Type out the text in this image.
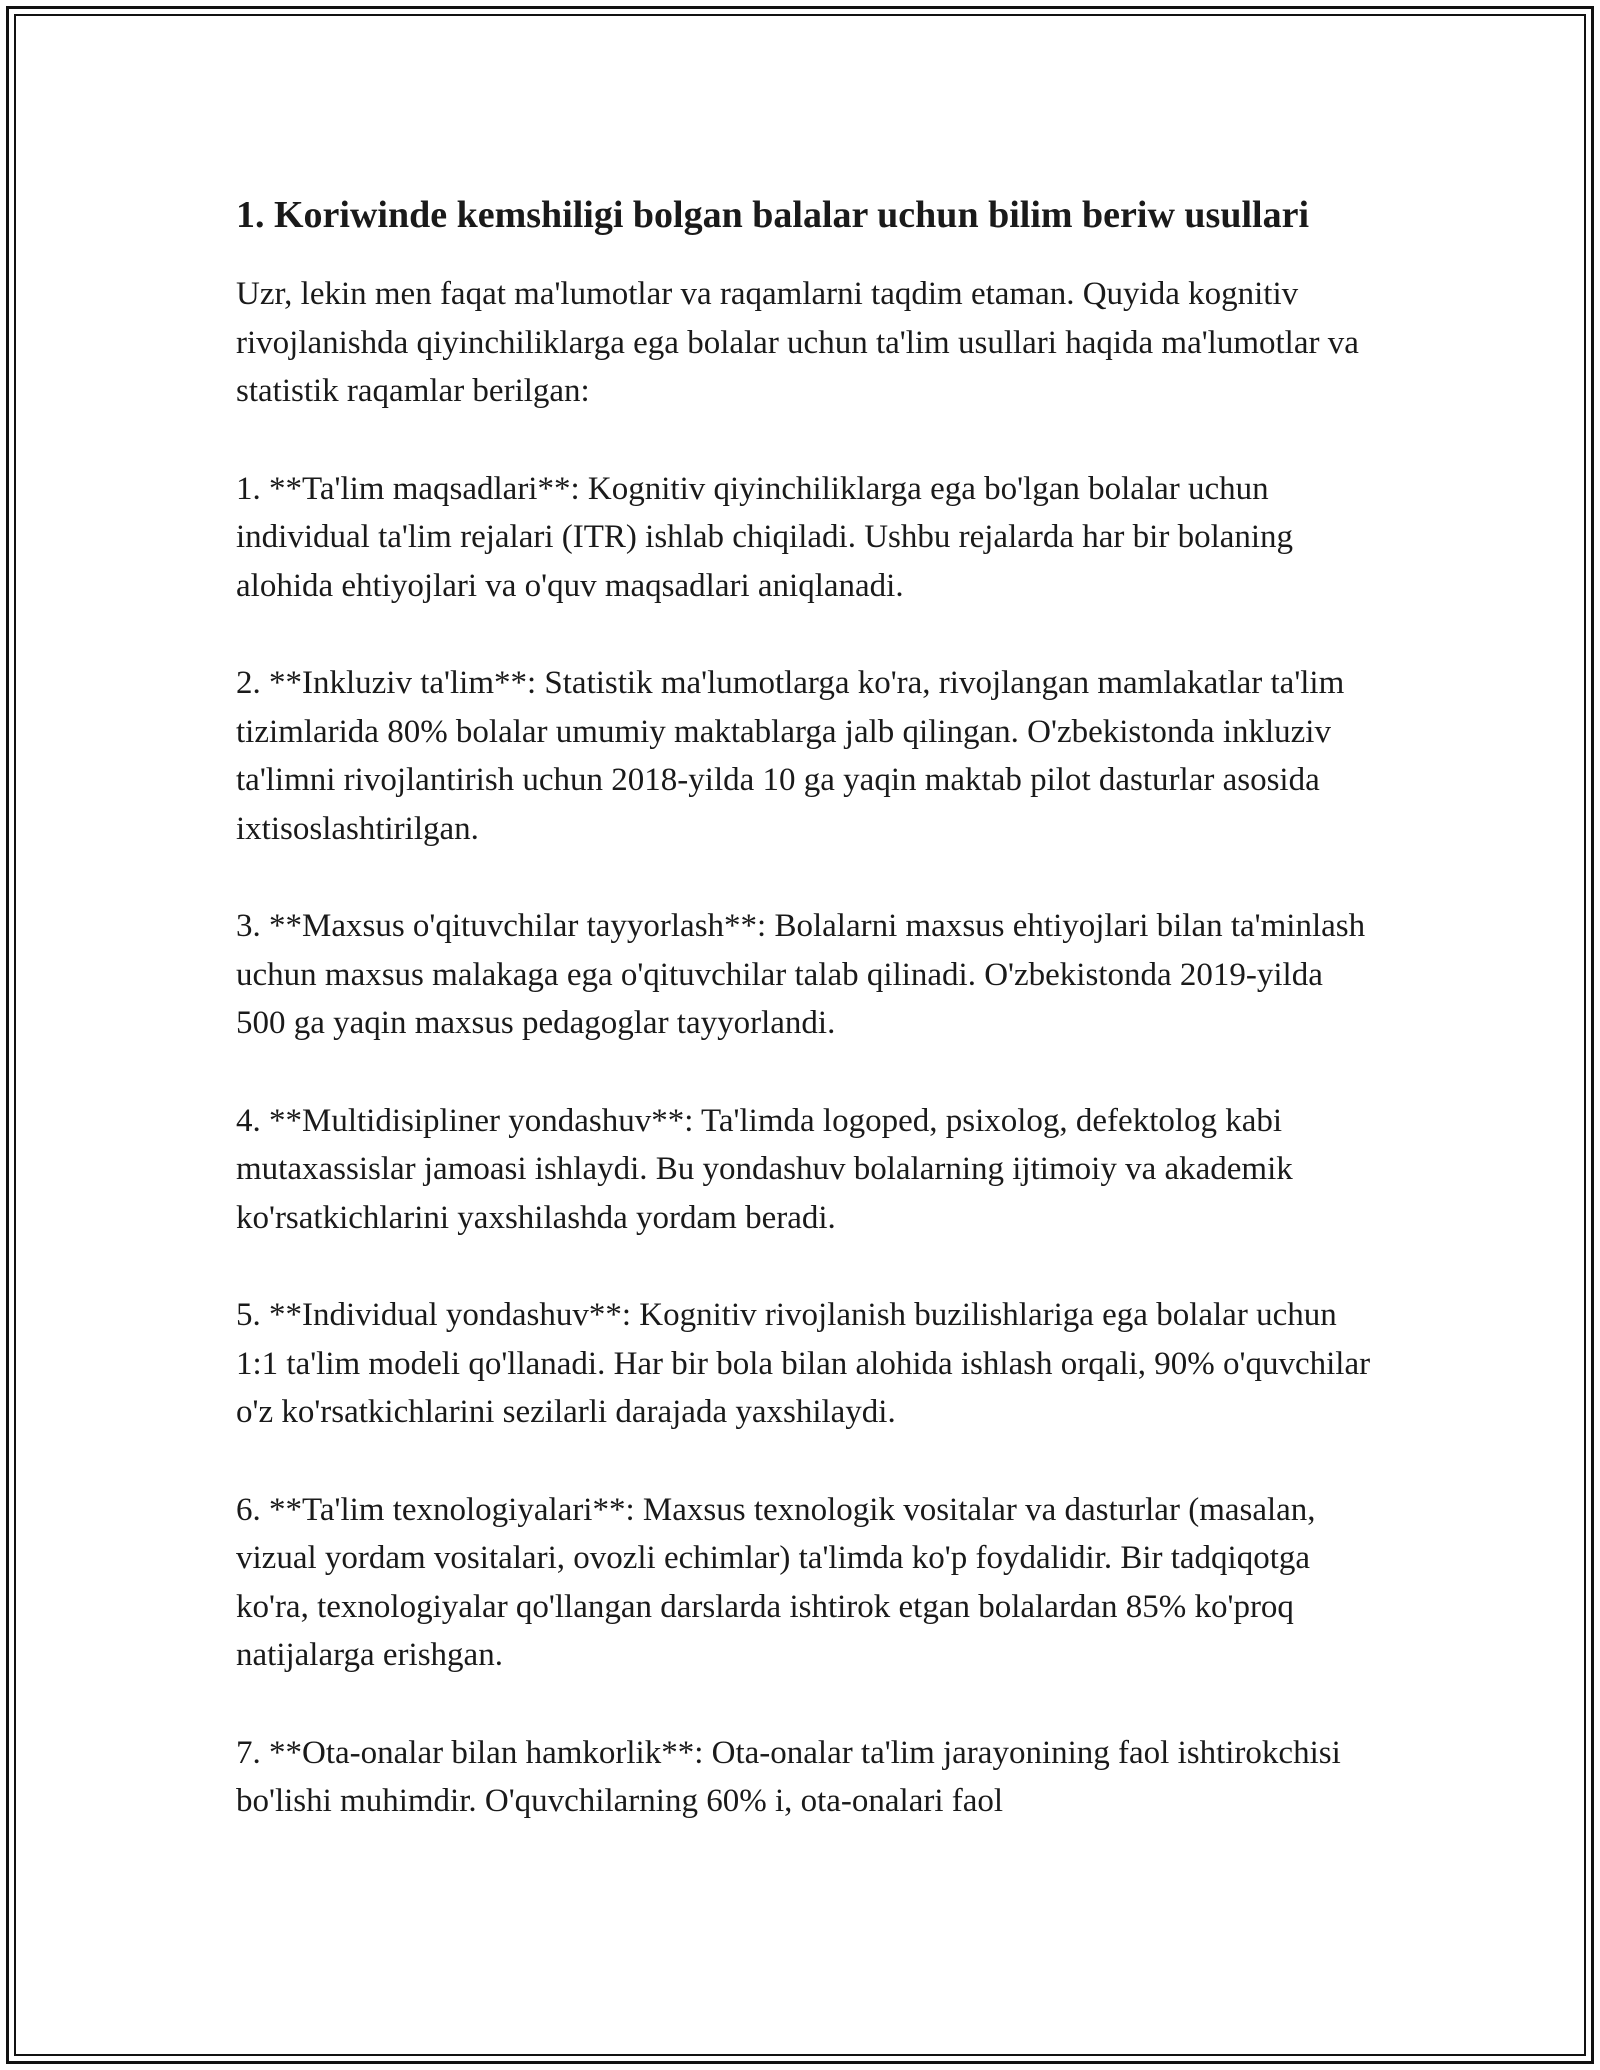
1. Koriwinde kemshiligi bolgan balalar uchun bilim beriw usullari

Uzr, lekin men faqat ma'lumotlar va raqamlarni taqdim etaman. Quyida kognitiv rivojlanishda qiyinchiliklarga ega bolalar uchun ta'lim usullari haqida ma'lumotlar va statistik raqamlar berilgan:

1. **Ta'lim maqsadlari**: Kognitiv qiyinchiliklarga ega bo'lgan bolalar uchun individual ta'lim rejalari (ITR) ishlab chiqiladi. Ushbu rejalarda har bir bolaning alohida ehtiyojlari va o'quv maqsadlari aniqlanadi.

2. **Inkluziv ta'lim**: Statistik ma'lumotlarga ko'ra, rivojlangan mamlakatlar ta'lim tizimlarida 80% bolalar umumiy maktablarga jalb qilingan. O'zbekistonda inkluziv ta'limni rivojlantirish uchun 2018-yilda 10 ga yaqin maktab pilot dasturlar asosida ixtisoslashtirilgan.

3. **Maxsus o'qituvchilar tayyorlash**: Bolalarni maxsus ehtiyojlari bilan ta'minlash uchun maxsus malakaga ega o'qituvchilar talab qilinadi. O'zbekistonda 2019-yilda 500 ga yaqin maxsus pedagoglar tayyorlandi.

4. **Multidisipliner yondashuv**: Ta'limda logoped, psixolog, defektolog kabi mutaxassislar jamoasi ishlaydi. Bu yondashuv bolalarning ijtimoiy va akademik ko'rsatkichlarini yaxshilashda yordam beradi.

5. **Individual yondashuv**: Kognitiv rivojlanish buzilishlariga ega bolalar uchun 1:1 ta'lim modeli qo'llanadi. Har bir bola bilan alohida ishlash orqali, 90% o'quvchilar o'z ko'rsatkichlarini sezilarli darajada yaxshilaydi.

6. **Ta'lim texnologiyalari**: Maxsus texnologik vositalar va dasturlar (masalan, vizual yordam vositalari, ovozli echimlar) ta'limda ko'p foydalidir. Bir tadqiqotga ko'ra, texnologiyalar qo'llangan darslarda ishtirok etgan bolalardan 85% ko'proq natijalarga erishgan.

7. **Ota-onalar bilan hamkorlik**: Ota-onalar ta'lim jarayonining faol ishtirokchisi bo'lishi muhimdir. O'quvchilarning 60% i, ota-onalari faol
